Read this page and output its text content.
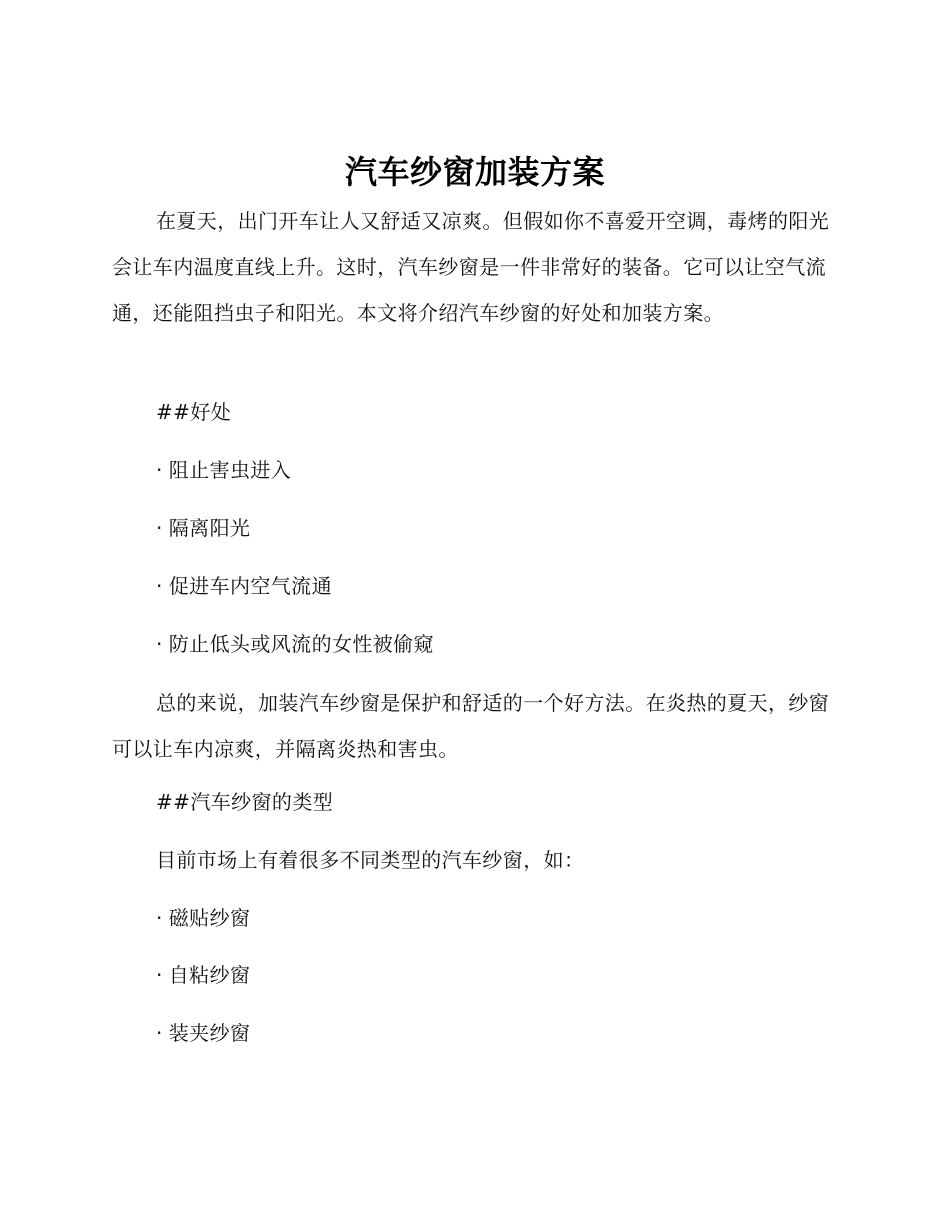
汽车纱窗加装方案

在夏天，出门开车让人又舒适又凉爽。但假如你不喜爱开空调，毒烤的阳光会让车内温度直线上升。这时，汽车纱窗是一件非常好的装备。它可以让空气流通，还能阻挡虫子和阳光。本文将介绍汽车纱窗的好处和加装方案。

##好处

· 阻止害虫进入

· 隔离阳光

· 促进车内空气流通

· 防止低头或风流的女性被偷窥

总的来说，加装汽车纱窗是保护和舒适的一个好方法。在炎热的夏天，纱窗可以让车内凉爽，并隔离炎热和害虫。

##汽车纱窗的类型

目前市场上有着很多不同类型的汽车纱窗，如：

· 磁贴纱窗

· 自粘纱窗

· 装夹纱窗
